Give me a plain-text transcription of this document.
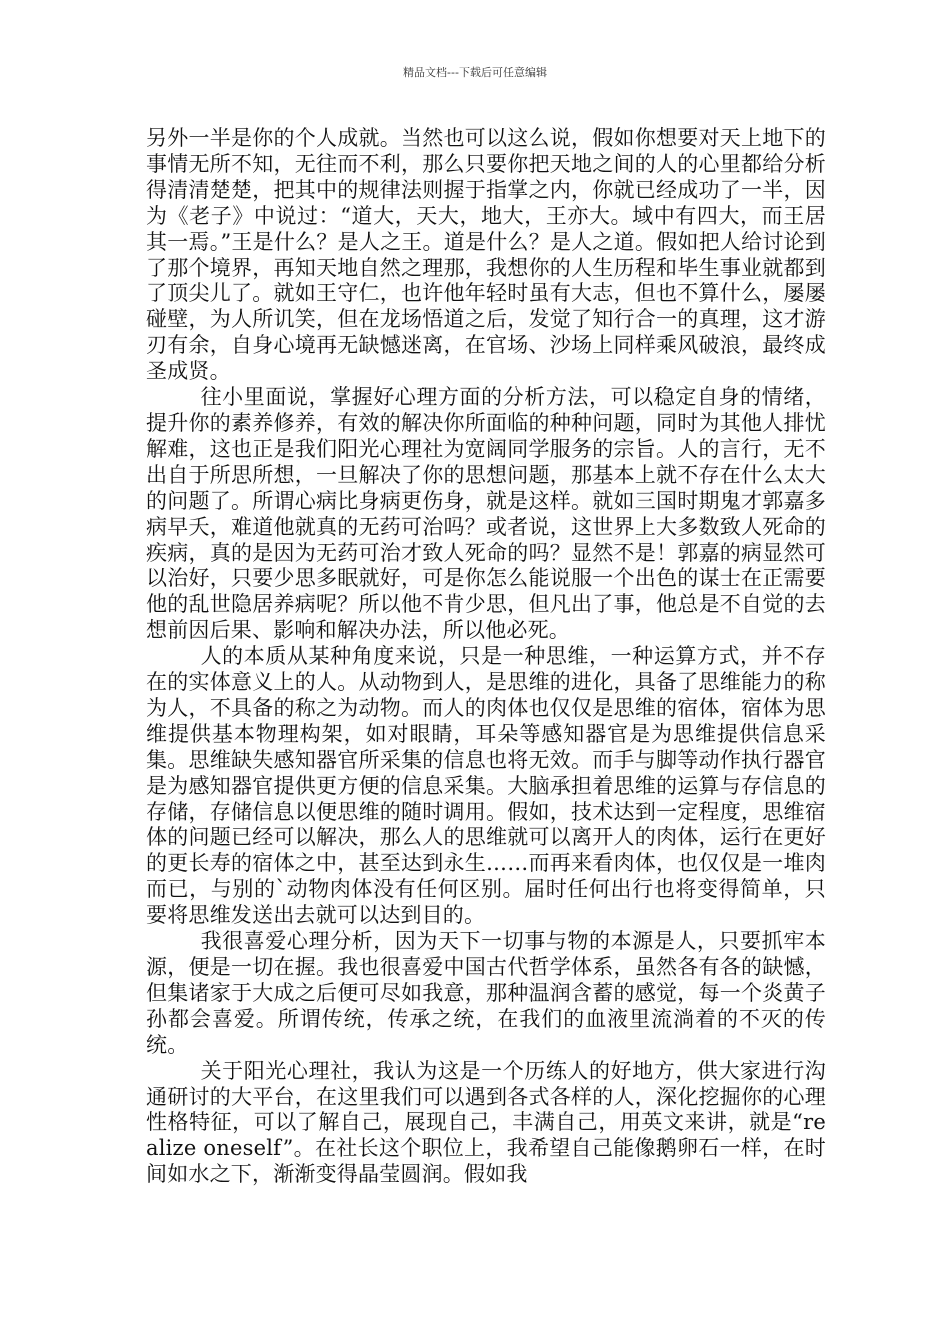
精品文档---下载后可任意编辑

另外一半是你的个人成就。当然也可以这么说，假如你想要对天上地下的事情无所不知，无往而不利，那么只要你把天地之间的人的心里都给分析得清清楚楚，把其中的规律法则握于指掌之内，你就已经成功了一半，因为《老子》中说过：“道大，天大，地大，王亦大。域中有四大，而王居其一焉。”王是什么？是人之王。道是什么？是人之道。假如把人给讨论到了那个境界，再知天地自然之理那，我想你的人生历程和毕生事业就都到了顶尖儿了。就如王守仁，也许他年轻时虽有大志，但也不算什么，屡屡碰壁，为人所讥笑，但在龙场悟道之后，发觉了知行合一的真理，这才游刃有余，自身心境再无缺憾迷离，在官场、沙场上同样乘风破浪，最终成圣成贤。

往小里面说，掌握好心理方面的分析方法，可以稳定自身的情绪，提升你的素养修养，有效的解决你所面临的种种问题，同时为其他人排忧解难，这也正是我们阳光心理社为宽阔同学服务的宗旨。人的言行，无不出自于所思所想，一旦解决了你的思想问题，那基本上就不存在什么太大的问题了。所谓心病比身病更伤身，就是这样。就如三国时期鬼才郭嘉多病早夭，难道他就真的无药可治吗？或者说，这世界上大多数致人死命的疾病，真的是因为无药可治才致人死命的吗？显然不是！郭嘉的病显然可以治好，只要少思多眠就好，可是你怎么能说服一个出色的谋士在正需要他的乱世隐居养病呢？所以他不肯少思，但凡出了事，他总是不自觉的去想前因后果、影响和解决办法，所以他必死。

人的本质从某种角度来说，只是一种思维，一种运算方式，并不存在的实体意义上的人。从动物到人，是思维的进化，具备了思维能力的称为人，不具备的称之为动物。而人的肉体也仅仅是思维的宿体，宿体为思维提供基本物理构架，如对眼睛，耳朵等感知器官是为思维提供信息采集。思维缺失感知器官所采集的信息也将无效。而手与脚等动作执行器官是为感知器官提供更方便的信息采集。大脑承担着思维的运算与存信息的存储，存储信息以便思维的随时调用。假如，技术达到一定程度，思维宿体的问题已经可以解决，那么人的思维就可以离开人的肉体，运行在更好的更长寿的宿体之中，甚至达到永生……而再来看肉体，也仅仅是一堆肉而已，与别的`动物肉体没有任何区别。届时任何出行也将变得简单，只要将思维发送出去就可以达到目的。

我很喜爱心理分析，因为天下一切事与物的本源是人，只要抓牢本源，便是一切在握。我也很喜爱中国古代哲学体系，虽然各有各的缺憾，但集诸家于大成之后便可尽如我意，那种温润含蓄的感觉，每一个炎黄子孙都会喜爱。所谓传统，传承之统，在我们的血液里流淌着的不灭的传统。

关于阳光心理社，我认为这是一个历练人的好地方，供大家进行沟通研讨的大平台，在这里我们可以遇到各式各样的人，深化挖掘你的心理性格特征，可以了解自己，展现自己，丰满自己，用英文来讲，就是“realize oneself”。在社长这个职位上，我希望自己能像鹅卵石一样，在时间如水之下，渐渐变得晶莹圆润。假如我
